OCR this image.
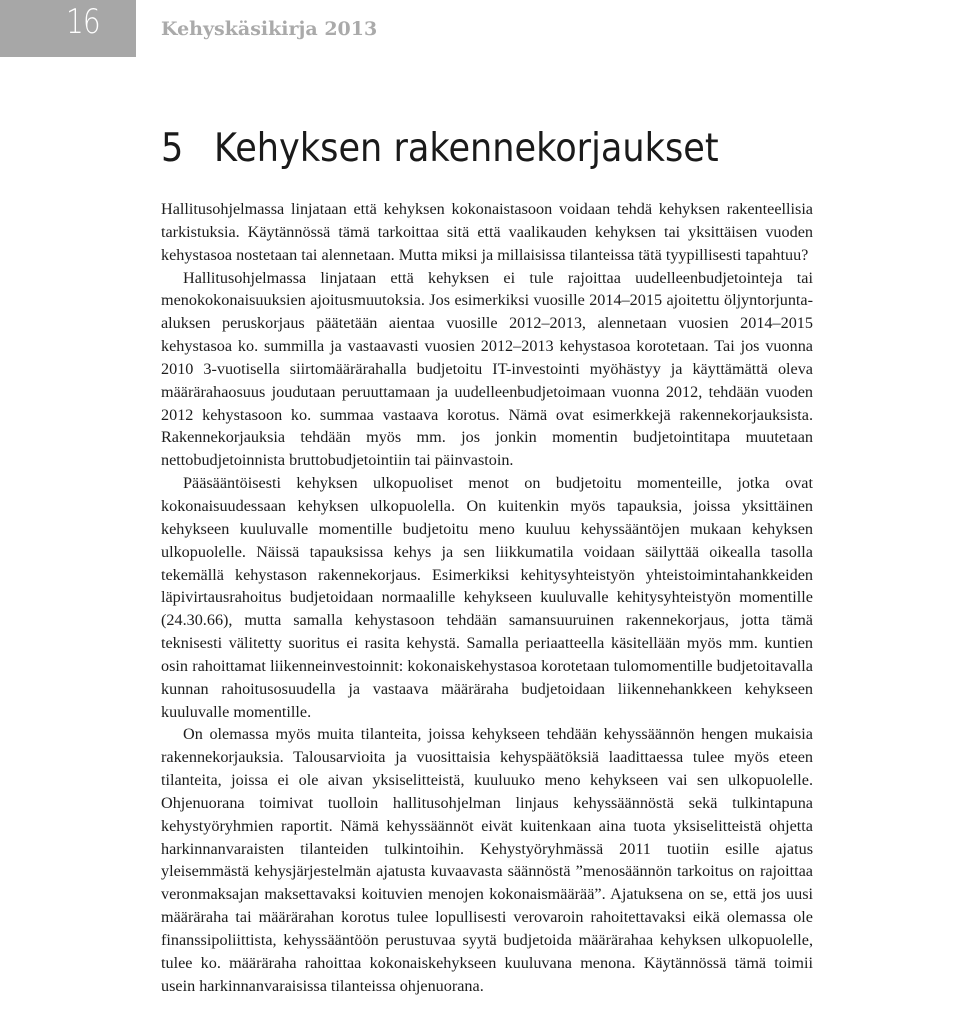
16	Kehyskäsikirja 2013
5 Kehyksen rakennekorjaukset

Hallitusohjelmassa linjataan että kehyksen kokonaistasoon voidaan tehdä kehyksen rakenteellisia tarkistuksia. Käytännössä tämä tarkoittaa sitä että vaalikauden kehyksen tai yksittäisen vuoden kehystasoa nostetaan tai alennetaan. Mutta miksi ja millaisissa tilanteissa tätä tyypillisesti tapahtuu?

Hallitusohjelmassa linjataan että kehyksen ei tule rajoittaa uudelleenbudjetointeja tai menokokonaisuuksien ajoitusmuutoksia. Jos esimerkiksi vuosille 2014–2015 ajoitettu öljyntorjunta-aluksen peruskorjaus päätetään aientaa vuosille 2012–2013, alennetaan vuosien 2014–2015 kehystasoa ko. summilla ja vastaavasti vuosien 2012–2013 kehystasoa korotetaan. Tai jos vuonna 2010 3-vuotisella siirtomäärärahalla budjetoitu IT-investointi myöhästyy ja käyttämättä oleva määrärahaosuus joudutaan peruuttamaan ja uudelleenbudjetoimaan vuonna 2012, tehdään vuoden 2012 kehystasoon ko. summaa vastaava korotus. Nämä ovat esimerkkejä rakennekorjauksista. Rakennekorjauksia tehdään myös mm. jos jonkin momentin budjetointitapa muutetaan nettobudjetoinnista bruttobudjetointiin tai päinvastoin.

Pääsääntöisesti kehyksen ulkopuoliset menot on budjetoitu momenteille, jotka ovat kokonaisuudessaan kehyksen ulkopuolella. On kuitenkin myös tapauksia, joissa yksittäinen kehykseen kuuluvalle momentille budjetoitu meno kuuluu kehyssääntöjen mukaan kehyksen ulkopuolelle. Näissä tapauksissa kehys ja sen liikkumatila voidaan säilyttää oikealla tasolla tekemällä kehystason rakennekorjaus. Esimerkiksi kehitysyhteistyön yhteistoimintahankkeiden läpivirtausrahoitus budjetoidaan normaalille kehykseen kuuluvalle kehitysyhteistyön momentille (24.30.66), mutta samalla kehystasoon tehdään samansuuruinen rakennekorjaus, jotta tämä teknisesti välitetty suoritus ei rasita kehystä. Samalla periaatteella käsitellään myös mm. kuntien osin rahoittamat liikenneinvestoinnit: kokonaiskehystasoa korotetaan tulomomentille budjetoitavalla kunnan rahoitusosuudella ja vastaava määräraha budjetoidaan liikennehankkeen kehykseen kuuluvalle momentille.

On olemassa myös muita tilanteita, joissa kehykseen tehdään kehyssäännön hengen mukaisia rakennekorjauksia. Talousarvioita ja vuosittaisia kehyspäätöksiä laadittaessa tulee myös eteen tilanteita, joissa ei ole aivan yksiselitteistä, kuuluuko meno kehykseen vai sen ulkopuolelle. Ohjenuorana toimivat tuolloin hallitusohjelman linjaus kehyssäännöstä sekä tulkintapuna kehystyöryhmien raportit. Nämä kehyssäännöt eivät kuitenkaan aina tuota yksiselitteistä ohjetta harkinnanvaraisten tilanteiden tulkintoihin. Kehystyöryhmässä 2011 tuotiin esille ajatus yleisemmästä kehysjärjestelmän ajatusta kuvaavasta säännöstä ”menosäännön tarkoitus on rajoittaa veronmaksajan maksettavaksi koituvien menojen kokonaismäärää”. Ajatuksena on se, että jos uusi määräraha tai määrärahan korotus tulee lopullisesti verovaroin rahoitettavaksi eikä olemassa ole finanssipoliittista, kehyssääntöön perustuvaa syytä budjetoida määrärahaa kehyksen ulkopuolelle, tulee ko. määräraha rahoittaa kokonaiskehykseen kuuluvana menona. Käytännössä tämä toimii usein harkinnanvaraisissa tilanteissa ohjenuorana.
